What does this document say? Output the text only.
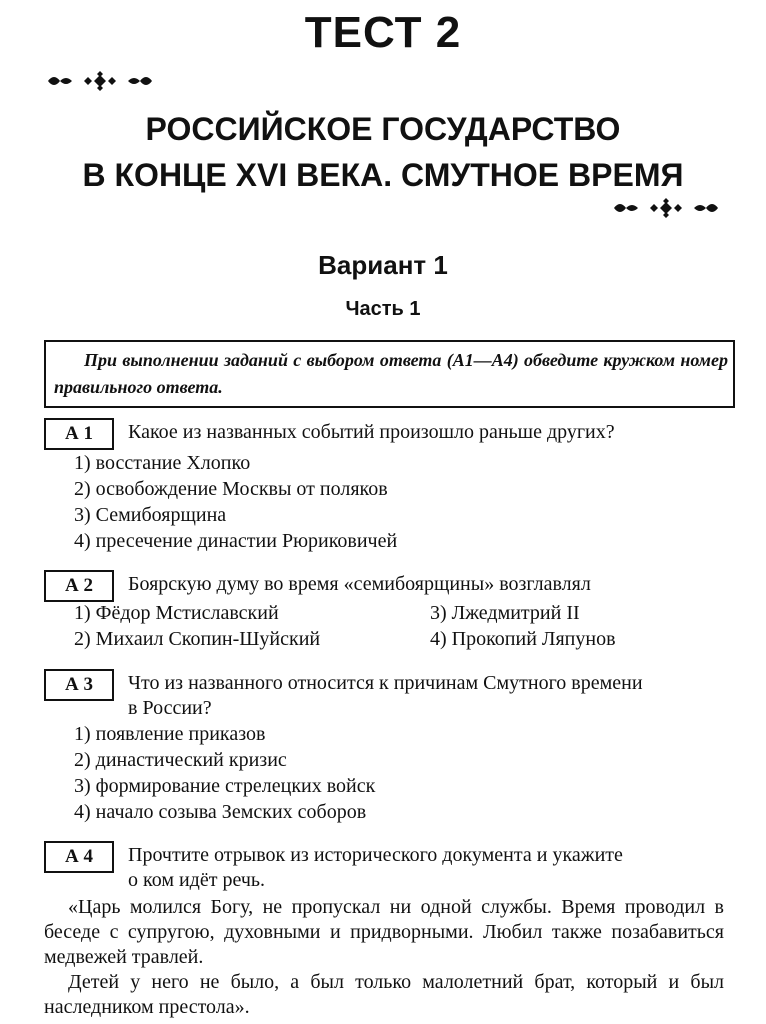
ТЕСТ 2
РОССИЙСКОЕ ГОСУДАРСТВО
В КОНЦЕ XVI ВЕКА. СМУТНОЕ ВРЕМЯ
Вариант 1
Часть 1
При выполнении заданий с выбором ответа (А1—А4) обведите кружком номер правильного ответа.
А 1	Какое из названных событий произошло раньше других?
1) восстание Хлопко
2) освобождение Москвы от поляков
3) Семибоярщина
4) пресечение династии Рюриковичей
А 2	Боярскую думу во время «семибоярщины» возглавлял
1) Фёдор Мстиславский
2) Михаил Скопин-Шуйский
3) Лжедмитрий II
4) Прокопий Ляпунов
А 3	Что из названного относится к причинам Смутного времени
в России?
1) появление приказов
2) династический кризис
3) формирование стрелецких войск
4) начало созыва Земских соборов
А 4	Прочтите отрывок из исторического документа и укажите
о ком идёт речь.

«Царь молился Богу, не пропускал ни одной службы. Время проводил в беседе с супругою, духовными и придворными. Любил также позабавиться медвежей травлей.

Детей у него не было, а был только малолетний брат, который и был наследником престола».
